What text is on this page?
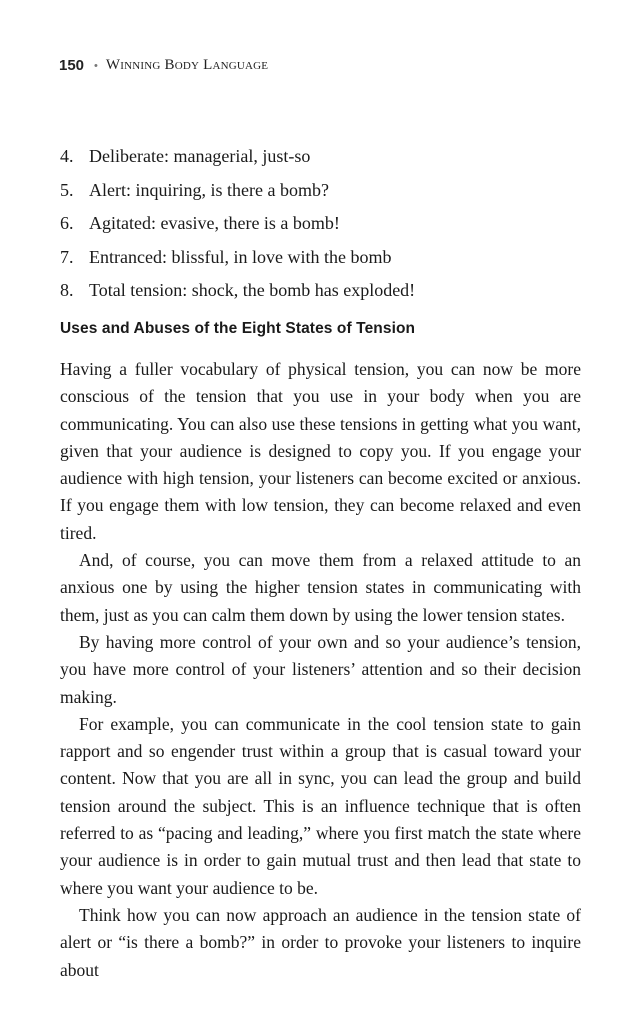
150 • Winning Body Language
4. Deliberate: managerial, just-so
5. Alert: inquiring, is there a bomb?
6. Agitated: evasive, there is a bomb!
7. Entranced: blissful, in love with the bomb
8. Total tension: shock, the bomb has exploded!
Uses and Abuses of the Eight States of Tension

Having a fuller vocabulary of physical tension, you can now be more conscious of the tension that you use in your body when you are communicating. You can also use these tensions in getting what you want, given that your audience is designed to copy you. If you engage your audience with high tension, your listeners can become excited or anxious. If you engage them with low tension, they can become relaxed and even tired.

And, of course, you can move them from a relaxed attitude to an anxious one by using the higher tension states in communicating with them, just as you can calm them down by using the lower tension states.

By having more control of your own and so your audience’s tension, you have more control of your listeners’ attention and so their decision making.

For example, you can communicate in the cool tension state to gain rapport and so engender trust within a group that is casual toward your content. Now that you are all in sync, you can lead the group and build tension around the subject. This is an influence technique that is often referred to as “pacing and leading,” where you first match the state where your audience is in order to gain mutual trust and then lead that state to where you want your audience to be.

Think how you can now approach an audience in the tension state of alert or “is there a bomb?” in order to provoke your listeners to inquire about
